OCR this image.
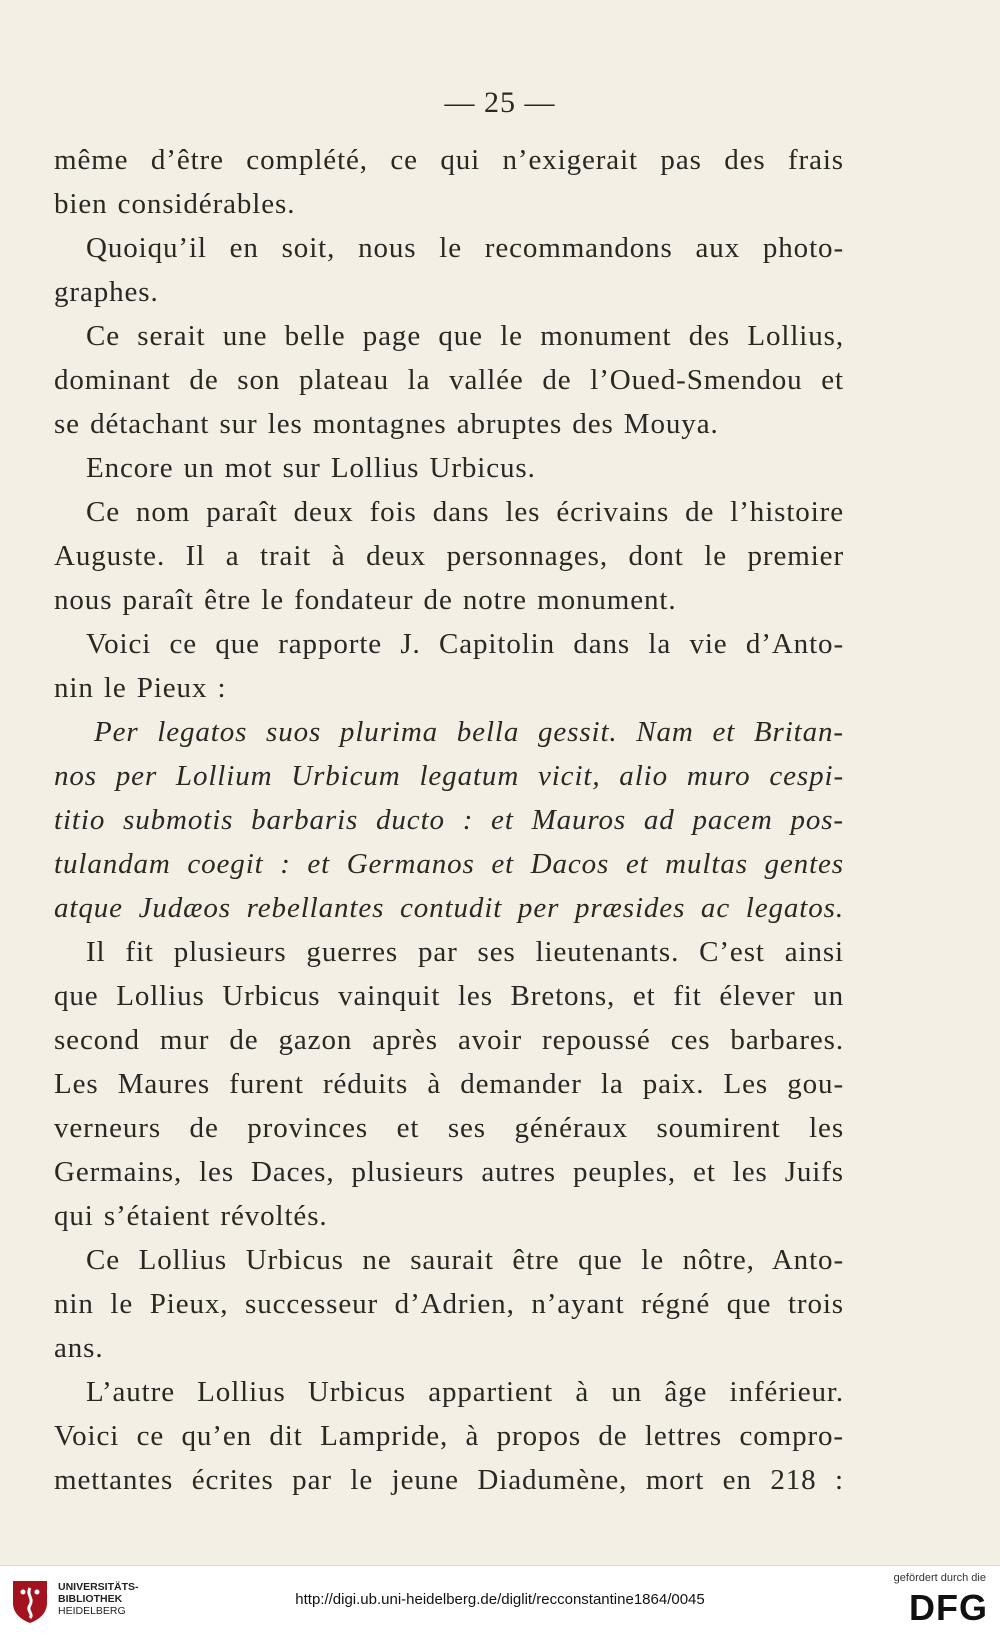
— 25 —
même d’être complété, ce qui n’exigerait pas des frais
bien considérables.
Quoiqu’il en soit, nous le recommandons aux photo-
graphes.
Ce serait une belle page que le monument des Lollius,
dominant de son plateau la vallée de l’Oued-Smendou et
se détachant sur les montagnes abruptes des Mouya.
Encore un mot sur Lollius Urbicus.
Ce nom paraît deux fois dans les écrivains de l’histoire
Auguste. Il a trait à deux personnages, dont le premier
nous paraît être le fondateur de notre monument.
Voici ce que rapporte J. Capitolin dans la vie d’Anto-
nin le Pieux :
Per legatos suos plurima bella gessit. Nam et Britan-
nos per Lollium Urbicum legatum vicit, alio muro cespi-
titio submotis barbaris ducto : et Mauros ad pacem pos-
tulandam coegit : et Germanos et Dacos et multas gentes
atque Judæos rebellantes contudit per præsides ac legatos.
Il fit plusieurs guerres par ses lieutenants. C’est ainsi
que Lollius Urbicus vainquit les Bretons, et fit élever un
second mur de gazon après avoir repoussé ces barbares.
Les Maures furent réduits à demander la paix. Les gou-
verneurs de provinces et ses généraux soumirent les
Germains, les Daces, plusieurs autres peuples, et les Juifs
qui s’étaient révoltés.
Ce Lollius Urbicus ne saurait être que le nôtre, Anto-
nin le Pieux, successeur d’Adrien, n’ayant régné que trois
ans.
L’autre Lollius Urbicus appartient à un âge inférieur.
Voici ce qu’en dit Lampride, à propos de lettres compro-
mettantes écrites par le jeune Diadumène, mort en 218 :
UNIVERSITÄTS-
BIBLIOTHEK
HEIDELBERG
http://digi.ub.uni-heidelberg.de/diglit/recconstantine1864/0045
gefördert durch die
DFG
